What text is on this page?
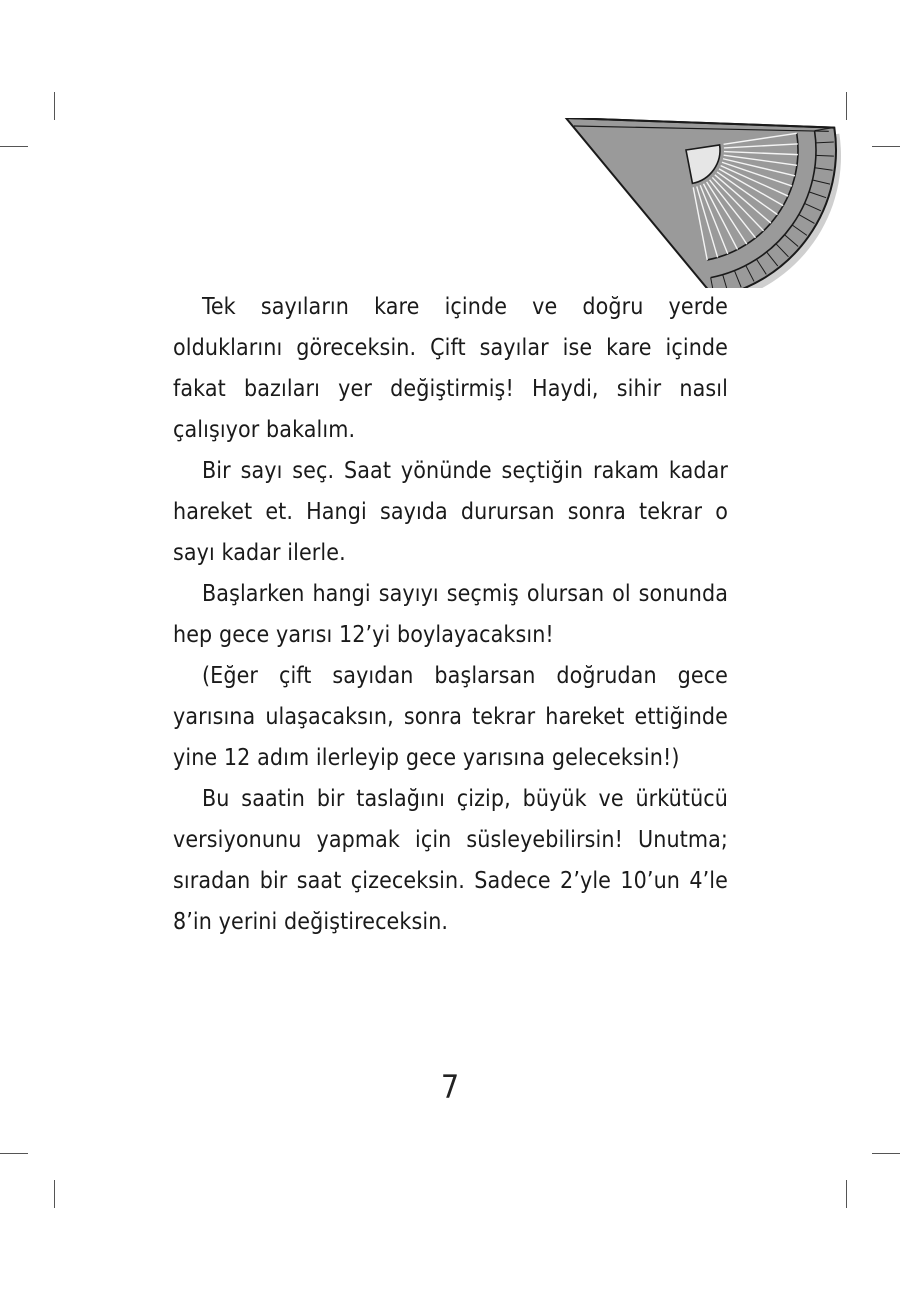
Tek sayıların kare içinde ve doğru yerde olduklarını göreceksin. Çift sayılar ise kare içinde fakat bazıları yer değiştirmiş! Haydi, sihir nasıl çalışıyor bakalım.

Bir sayı seç. Saat yönünde seçtiğin rakam kadar hareket et. Hangi sayıda durursan sonra tekrar o sayı kadar ilerle.

Başlarken hangi sayıyı seçmiş olursan ol sonunda hep gece yarısı 12’yi boylayacaksın!

(Eğer çift sayıdan başlarsan doğrudan gece yarısına ulaşacaksın, sonra tekrar hareket ettiğinde yine 12 adım ilerleyip gece yarısına geleceksin!)

Bu saatin bir taslağını çizip, büyük ve ürkütücü versiyonunu yapmak için süsleyebilirsin! Unutma; sıradan bir saat çizeceksin. Sadece 2’yle 10’un 4’le 8’in yerini değiştireceksin.

7
